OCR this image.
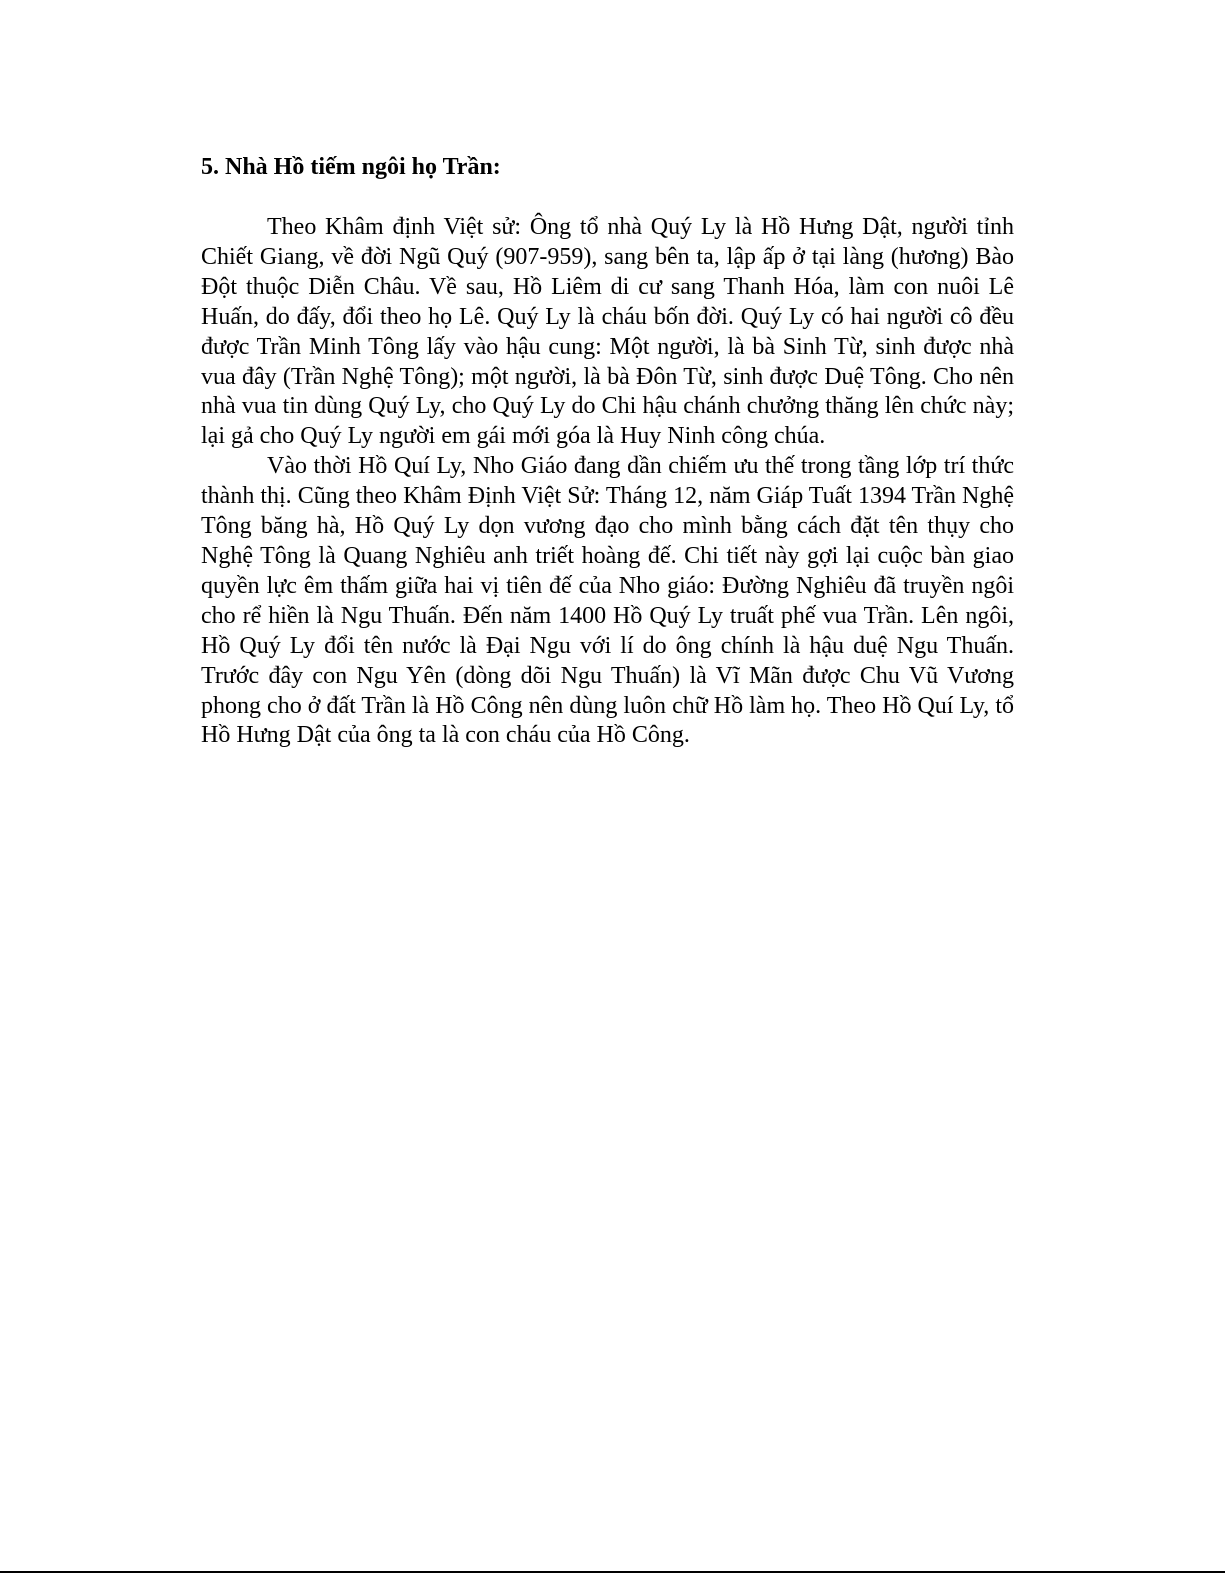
5. Nhà Hồ tiếm ngôi họ Trần:

Theo Khâm định Việt sử: Ông tổ nhà Quý Ly là Hồ Hưng Dật, người tỉnh Chiết Giang, về đời Ngũ Quý (907-959), sang bên ta, lập ấp ở tại làng (hương) Bào Đột thuộc Diễn Châu. Về sau, Hồ Liêm di cư sang Thanh Hóa, làm con nuôi Lê Huấn, do đấy, đổi theo họ Lê. Quý Ly là cháu bốn đời. Quý Ly có hai người cô đều được Trần Minh Tông lấy vào hậu cung: Một người, là bà Sinh Từ, sinh được nhà vua đây (Trần Nghệ Tông); một người, là bà Đôn Từ, sinh được Duệ Tông. Cho nên nhà vua tin dùng Quý Ly, cho Quý Ly do Chi hậu chánh chưởng thăng lên chức này; lại gả cho Quý Ly người em gái mới góa là Huy Ninh công chúa.

Vào thời Hồ Quí Ly, Nho Giáo đang dần chiếm ưu thế trong tầng lớp trí thức thành thị. Cũng theo Khâm Định Việt Sử: Tháng 12, năm Giáp Tuất 1394 Trần Nghệ Tông băng hà, Hồ Quý Ly dọn vương đạo cho mình bằng cách đặt tên thụy cho Nghệ Tông là Quang Nghiêu anh triết hoàng đế. Chi tiết này gợi lại cuộc bàn giao quyền lực êm thấm giữa hai vị tiên đế của Nho giáo: Đường Nghiêu đã truyền ngôi cho rể hiền là Ngu Thuấn. Đến năm 1400 Hồ Quý Ly truất phế vua Trần. Lên ngôi, Hồ Quý Ly đổi tên nước là Đại Ngu với lí do ông chính là hậu duệ Ngu Thuấn. Trước đây con Ngu Yên (dòng dõi Ngu Thuấn) là Vĩ Mãn được Chu Vũ Vương phong cho ở đất Trần là Hồ Công nên dùng luôn chữ Hồ làm họ. Theo Hồ Quí Ly, tổ Hồ Hưng Dật của ông ta là con cháu của Hồ Công.
